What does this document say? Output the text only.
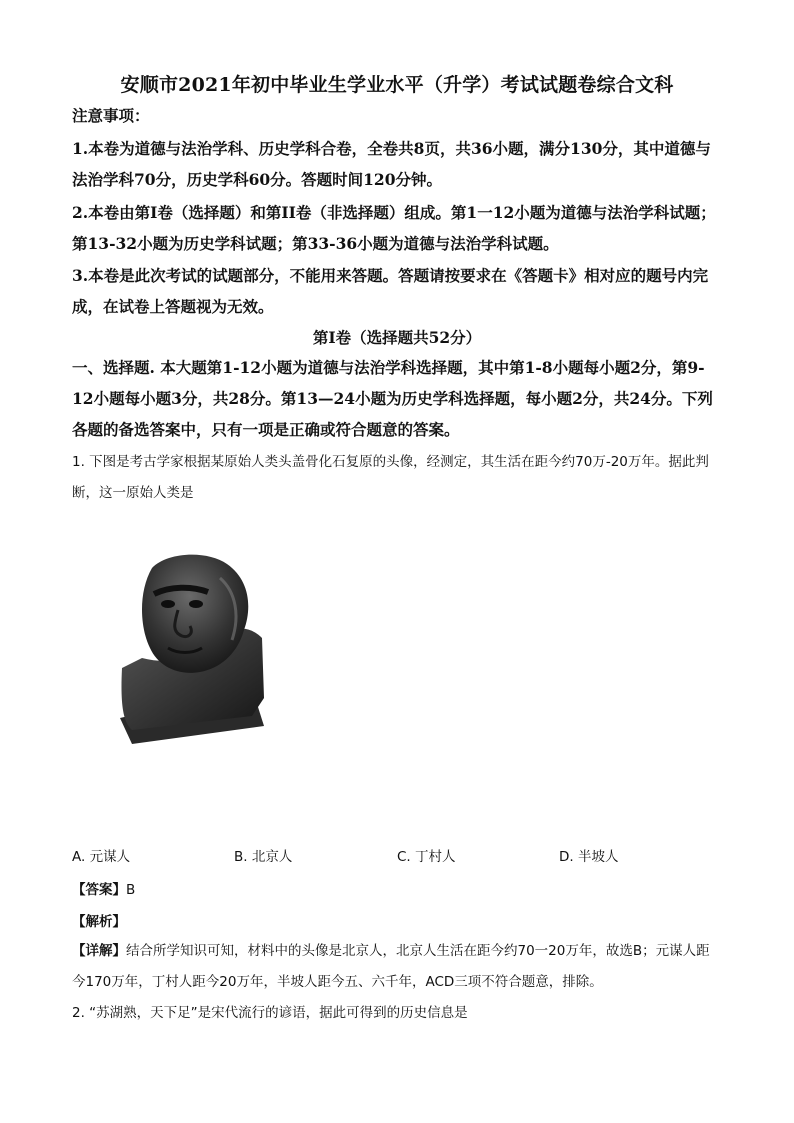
安顺市2021年初中毕业生学业水平（升学）考试试题卷综合文科
注意事项：
1.本卷为道德与法治学科、历史学科合卷，全卷共8页，共36小题，满分130分，其中道德与法治学科70分，历史学科60分。答题时间120分钟。
2.本卷由第I卷（选择题）和第II卷（非选择题）组成。第1一12小题为道德与法治学科试题；第13-32小题为历史学科试题；第33-36小题为道德与法治学科试题。
3.本卷是此次考试的试题部分，不能用来答题。答题请按要求在《答题卡》相对应的题号内完成，在试卷上答题视为无效。
第I卷（选择题共52分）
一、选择题. 本大题第1-12小题为道德与法治学科选择题，其中第1-8小题每小题2分，第9-12小题每小题3分，共28分。第13—24小题为历史学科选择题，每小题2分，共24分。下列各题的备选答案中，只有一项是正确或符合题意的答案。
1. 下图是考古学家根据某原始人类头盖骨化石复原的头像，经测定，其生活在距今约70万-20万年。据此判断，这一原始人类是
A. 元谋人	B. 北京人	C. 丁村人	D. 半坡人
【答案】B
【解析】
【详解】结合所学知识可知，材料中的头像是北京人，北京人生活在距今约70一20万年，故选B；元谋人距今170万年，丁村人距今20万年，半坡人距今五、六千年，ACD三项不符合题意，排除。
2. “苏湖熟，天下足”是宋代流行的谚语，据此可得到的历史信息是
